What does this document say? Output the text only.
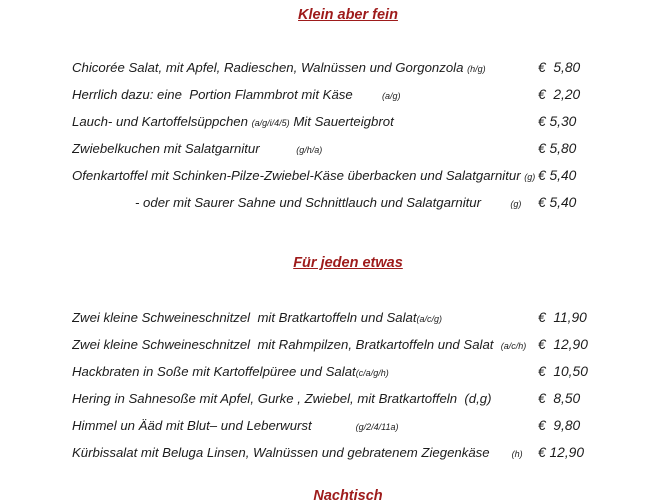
Klein aber fein
Chicorée Salat, mit Apfel, Radieschen, Walnüssen und Gorgonzola (h/g)	€  5,80
Herrlich dazu: eine  Portion Flammbrot mit Käse        (a/g)	€  2,20
Lauch- und Kartoffelsüppchen (a/g/i/4/5) Mit Sauerteigbrot	€ 5,30
Zwiebelkuchen mit Salatgarnitur          (g/h/a)	€ 5,80
Ofenkartoffel mit Schinken-Pilze-Zwiebel-Käse überbacken und Salatgarnitur (g) € 5,40
- oder mit Saurer Sahne und Schnittlauch und Salatgarnitur        (g)	€ 5,40
Für jeden etwas
Zwei kleine Schweineschnitzel  mit Bratkartoffeln und Salat(a/c/g)	€  11,90
Zwei kleine Schweineschnitzel  mit Rahmpilzen, Bratkartoffeln und Salat  (a/c/h) €  12,90
Hackbraten in Soße mit Kartoffelpüree und Salat(c/a/g/h)	€  10,50
Hering in Sahnesoße mit Apfel, Gurke , Zwiebel, mit Bratkartoffeln  (d,g)	€  8,50
Himmel un Ääd mit Blut– und Leberwurst            (g/2/4/11a)	€  9,80
Kürbissalat mit Beluga Linsen, Walnüssen und gebratenem Ziegenkäse      (h)	€ 12,90
Nachtisch
